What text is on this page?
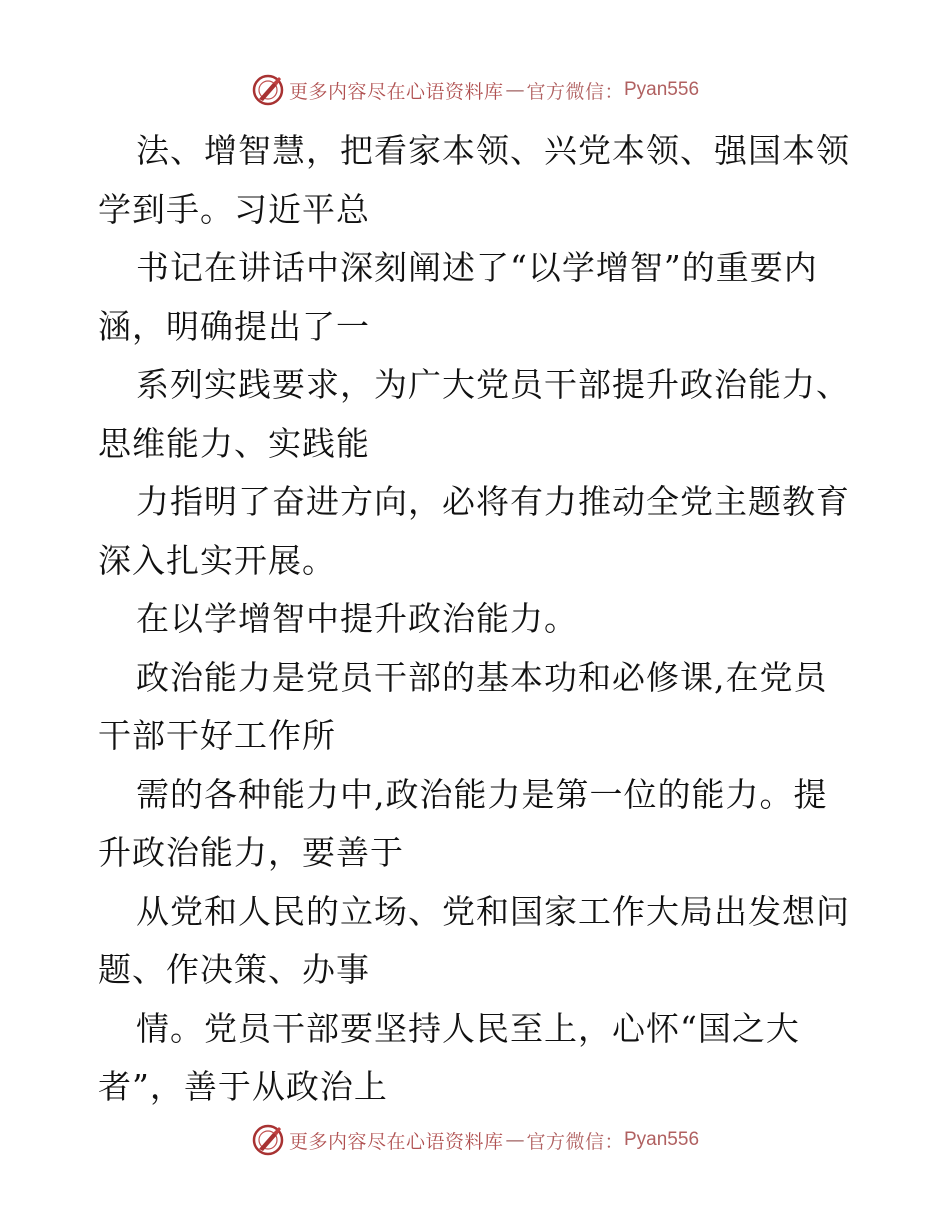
更多内容尽在心语资料库 — 官方微信： Pyan556
法、增智慧，把看家本领、兴党本领、强国本领
学到手。习近平总
书记在讲话中深刻阐述了“以学增智”的重要内
涵，明确提出了一
系列实践要求，为广大党员干部提升政治能力、
思维能力、实践能
力指明了奋进方向，必将有力推动全党主题教育
深入扎实开展。
在以学增智中提升政治能力。
政治能力是党员干部的基本功和必修课,在党员
干部干好工作所
需的各种能力中,政治能力是第一位的能力。提
升政治能力，要善于
从党和人民的立场、党和国家工作大局出发想问
题、作决策、办事
情。党员干部要坚持人民至上，心怀“国之大
者”，善于从政治上
更多内容尽在心语资料库 — 官方微信： Pyan556
